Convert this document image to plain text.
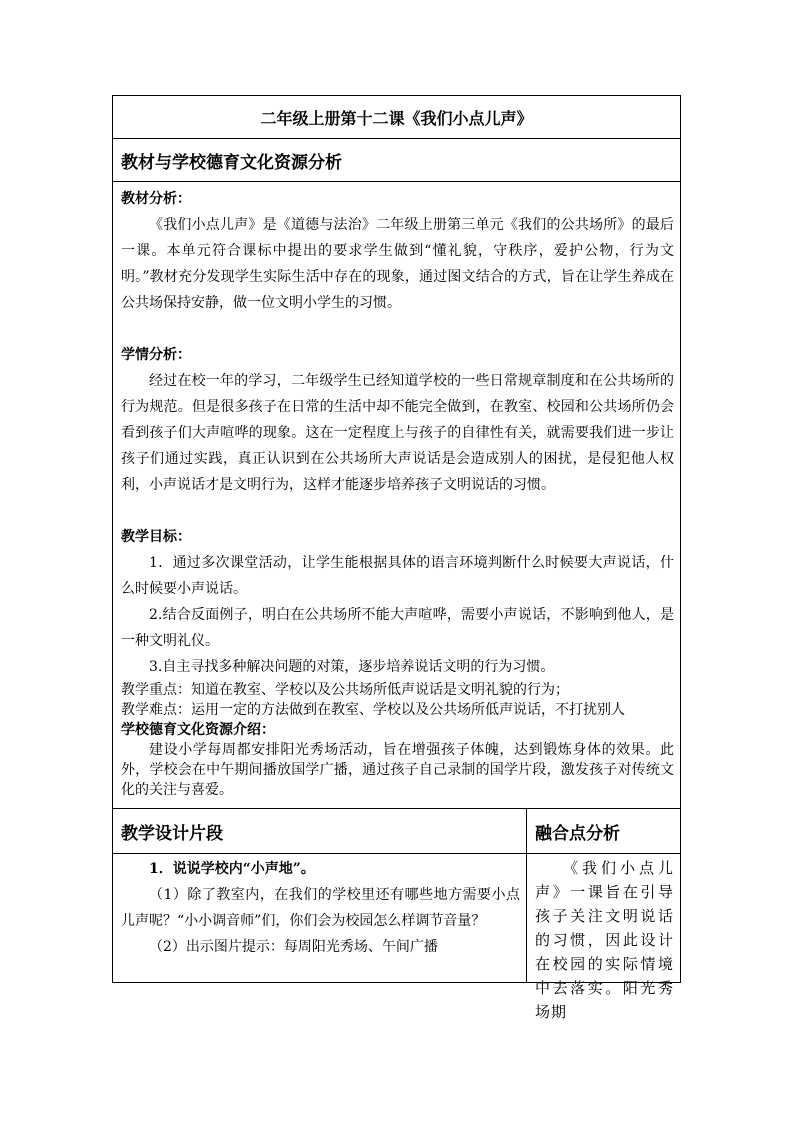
二年级上册第十二课《我们小点儿声》
教材与学校德育文化资源分析
教材分析：

《我们小点儿声》是《道德与法治》二年级上册第三单元《我们的公共场所》的最后一课。本单元符合课标中提出的要求学生做到“懂礼貌，守秩序，爱护公物，行为文明。”教材充分发现学生实际生活中存在的现象，通过图文结合的方式，旨在让学生养成在公共场保持安静，做一位文明小学生的习惯。

学情分析：

经过在校一年的学习，二年级学生已经知道学校的一些日常规章制度和在公共场所的行为规范。但是很多孩子在日常的生活中却不能完全做到，在教室、校园和公共场所仍会看到孩子们大声喧哗的现象。这在一定程度上与孩子的自律性有关，就需要我们进一步让孩子们通过实践，真正认识到在公共场所大声说话是会造成别人的困扰，是侵犯他人权利，小声说话才是文明行为，这样才能逐步培养孩子文明说话的习惯。

教学目标：

1．通过多次课堂活动，让学生能根据具体的语言环境判断什么时候要大声说话，什么时候要小声说话。

2.结合反面例子，明白在公共场所不能大声喧哗，需要小声说话，不影响到他人，是一种文明礼仪。

3.自主寻找多种解决问题的对策，逐步培养说话文明的行为习惯。

教学重点：知道在教室、学校以及公共场所低声说话是文明礼貌的行为；

教学难点：运用一定的方法做到在教室、学校以及公共场所低声说话，不打扰别人

学校德育文化资源介绍：

建设小学每周都安排阳光秀场活动，旨在增强孩子体魄，达到锻炼身体的效果。此外，学校会在中午期间播放国学广播，通过孩子自己录制的国学片段，激发孩子对传统文化的关注与喜爱。

教学设计片段	融合点分析
1．说说学校内“小声地”。

（1）除了教室内，在我们的学校里还有哪些地方需要小点儿声呢？“小小调音师”们，你们会为校园怎么样调节音量？

（2）出示图片提示：每周阳光秀场、午间广播

《我们小点儿声》一课旨在引导孩子关注文明说话的习惯，因此设计在校园的实际情境中去落实。阳光秀场期
